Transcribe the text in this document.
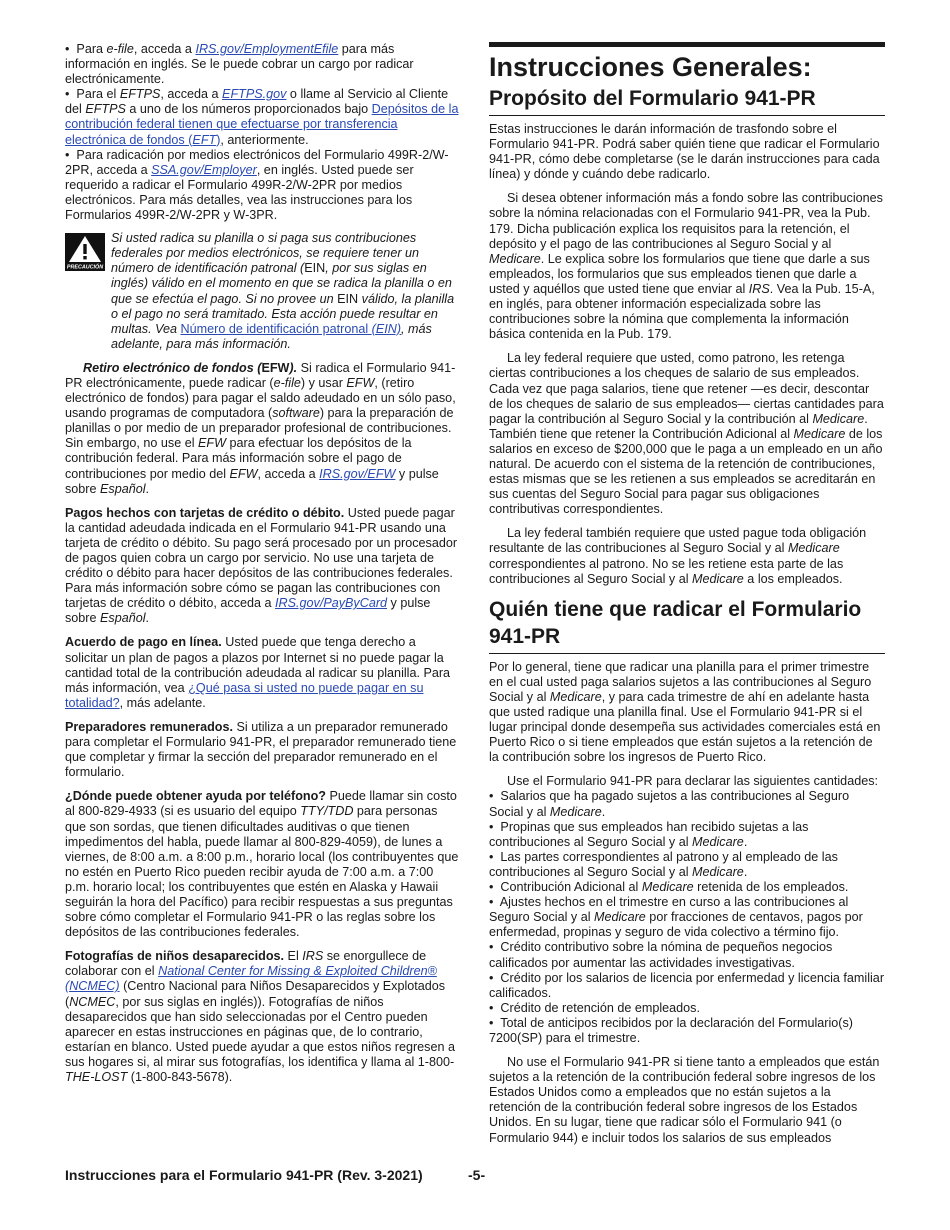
•  Para e-file, acceda a IRS.gov/EmploymentEfile para más información en inglés. Se le puede cobrar un cargo por radicar electrónicamente.

•  Para el EFTPS, acceda a EFTPS.gov o llame al Servicio al Cliente del EFTPS a uno de los números proporcionados bajo Depósitos de la contribución federal tienen que efectuarse por transferencia electrónica de fondos (EFT), anteriormente.

•  Para radicación por medios electrónicos del Formulario 499R-2/W-2PR, acceda a SSA.gov/Employer, en inglés. Usted puede ser requerido a radicar el Formulario 499R-2/W-2PR por medios electrónicos. Para más detalles, vea las instrucciones para los Formularios 499R-2/W-2PR y W-3PR.

PRECAUCIÓN
Si usted radica su planilla o si paga sus contribuciones federales por medios electrónicos, se requiere tener un número de identificación patronal (EIN, por sus siglas en inglés) válido en el momento en que se radica la planilla o en que se efectúa el pago. Si no provee un EIN válido, la planilla o el pago no será tramitado. Esta acción puede resultar en multas. Vea Número de identificación patronal (EIN), más adelante, para más información.

Retiro electrónico de fondos (EFW). Si radica el Formulario 941-PR electrónicamente, puede radicar (e-file) y usar EFW, (retiro electrónico de fondos) para pagar el saldo adeudado en un sólo paso, usando programas de computadora (software) para la preparación de planillas o por medio de un preparador profesional de contribuciones. Sin embargo, no use el EFW para efectuar los depósitos de la contribución federal. Para más información sobre el pago de contribuciones por medio del EFW, acceda a IRS.gov/EFW y pulse sobre Español.

Pagos hechos con tarjetas de crédito o débito. Usted puede pagar la cantidad adeudada indicada en el Formulario 941-PR usando una tarjeta de crédito o débito. Su pago será procesado por un procesador de pagos quien cobra un cargo por servicio. No use una tarjeta de crédito o débito para hacer depósitos de las contribuciones federales. Para más información sobre cómo se pagan las contribuciones con tarjetas de crédito o débito, acceda a IRS.gov/PayByCard y pulse sobre Español.

Acuerdo de pago en línea. Usted puede que tenga derecho a solicitar un plan de pagos a plazos por Internet si no puede pagar la cantidad total de la contribución adeudada al radicar su planilla. Para más información, vea ¿Qué pasa si usted no puede pagar en su totalidad?, más adelante.

Preparadores remunerados. Si utiliza a un preparador remunerado para completar el Formulario 941-PR, el preparador remunerado tiene que completar y firmar la sección del preparador remunerado en el formulario.

¿Dónde puede obtener ayuda por teléfono? Puede llamar sin costo al 800-829-4933 (si es usuario del equipo TTY/TDD para personas que son sordas, que tienen dificultades auditivas o que tienen impedimentos del habla, puede llamar al 800-829-4059), de lunes a viernes, de 8:00 a.m. a 8:00 p.m., horario local (los contribuyentes que no estén en Puerto Rico pueden recibir ayuda de 7:00 a.m. a 7:00 p.m. horario local; los contribuyentes que estén en Alaska y Hawaii seguirán la hora del Pacífico) para recibir respuestas a sus preguntas sobre cómo completar el Formulario 941-PR o las reglas sobre los depósitos de las contribuciones federales.

Fotografías de niños desaparecidos. El IRS se enorgullece de colaborar con el National Center for Missing & Exploited Children® (NCMEC) (Centro Nacional para Niños Desaparecidos y Explotados (NCMEC, por sus siglas en inglés)). Fotografías de niños desaparecidos que han sido seleccionadas por el Centro pueden aparecer en estas instrucciones en páginas que, de lo contrario, estarían en blanco. Usted puede ayudar a que estos niños regresen a sus hogares si, al mirar sus fotografías, los identifica y llama al 1-800-THE-LOST (1-800-843-5678).

Instrucciones Generales:
Propósito del Formulario 941-PR

Estas instrucciones le darán información de trasfondo sobre el Formulario 941-PR. Podrá saber quién tiene que radicar el Formulario 941-PR, cómo debe completarse (se le darán instrucciones para cada línea) y dónde y cuándo debe radicarlo.

Si desea obtener información más a fondo sobre las contribuciones sobre la nómina relacionadas con el Formulario 941-PR, vea la Pub. 179. Dicha publicación explica los requisitos para la retención, el depósito y el pago de las contribuciones al Seguro Social y al Medicare. Le explica sobre los formularios que tiene que darle a sus empleados, los formularios que sus empleados tienen que darle a usted y aquéllos que usted tiene que enviar al IRS. Vea la Pub. 15-A, en inglés, para obtener información especializada sobre las contribuciones sobre la nómina que complementa la información básica contenida en la Pub. 179.

La ley federal requiere que usted, como patrono, les retenga ciertas contribuciones a los cheques de salario de sus empleados. Cada vez que paga salarios, tiene que retener —es decir, descontar de los cheques de salario de sus empleados— ciertas cantidades para pagar la contribución al Seguro Social y la contribución al Medicare. También tiene que retener la Contribución Adicional al Medicare de los salarios en exceso de $200,000 que le paga a un empleado en un año natural. De acuerdo con el sistema de la retención de contribuciones, estas mismas que se les retienen a sus empleados se acreditarán en sus cuentas del Seguro Social para pagar sus obligaciones contributivas correspondientes.

La ley federal también requiere que usted pague toda obligación resultante de las contribuciones al Seguro Social y al Medicare correspondientes al patrono. No se les retiene esta parte de las contribuciones al Seguro Social y al Medicare a los empleados.

Quién tiene que radicar el Formulario 941-PR

Por lo general, tiene que radicar una planilla para el primer trimestre en el cual usted paga salarios sujetos a las contribuciones al Seguro Social y al Medicare, y para cada trimestre de ahí en adelante hasta que usted radique una planilla final. Use el Formulario 941-PR si el lugar principal donde desempeña sus actividades comerciales está en Puerto Rico o si tiene empleados que están sujetos a la retención de la contribución sobre los ingresos de Puerto Rico.

Use el Formulario 941-PR para declarar las siguientes cantidades:

•  Salarios que ha pagado sujetos a las contribuciones al Seguro Social y al Medicare.

•  Propinas que sus empleados han recibido sujetas a las contribuciones al Seguro Social y al Medicare.

•  Las partes correspondientes al patrono y al empleado de las contribuciones al Seguro Social y al Medicare.

•  Contribución Adicional al Medicare retenida de los empleados.

•  Ajustes hechos en el trimestre en curso a las contribuciones al Seguro Social y al Medicare por fracciones de centavos, pagos por enfermedad, propinas y seguro de vida colectivo a término fijo.

•  Crédito contributivo sobre la nómina de pequeños negocios calificados por aumentar las actividades investigativas.

•  Crédito por los salarios de licencia por enfermedad y licencia familiar calificados.

•  Crédito de retención de empleados.

•  Total de anticipos recibidos por la declaración del Formulario(s) 7200(SP) para el trimestre.

No use el Formulario 941-PR si tiene tanto a empleados que están sujetos a la retención de la contribución federal sobre ingresos de los Estados Unidos como a empleados que no están sujetos a la retención de la contribución federal sobre ingresos de los Estados Unidos. En su lugar, tiene que radicar sólo el Formulario 941 (o Formulario 944) e incluir todos los salarios de sus empleados

Instrucciones para el Formulario 941-PR (Rev. 3-2021)	-5-
